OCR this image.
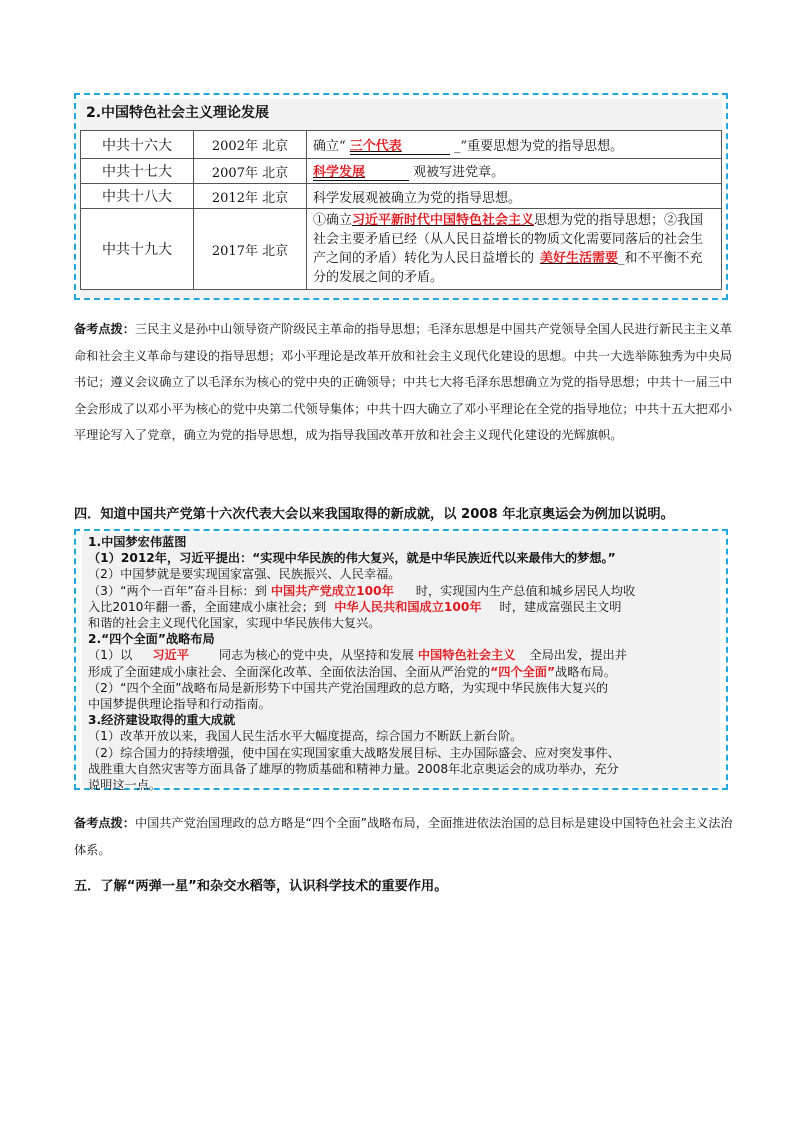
2.中国特色社会主义理论发展
中共十六大	2002年 北京	确立“ 三个代表 _”重要思想为党的指导思想。
中共十七大	2007年 北京	科学发展 观被写进党章。
中共十八大	2012年 北京	科学发展观被确立为党的指导思想。
中共十九大	2017年 北京	①确立习近平新时代中国特色社会主义思想为党的指导思想；②我国社会主要矛盾已经（从人民日益增长的物质文化需要同落后的社会生产之间的矛盾）转化为人民日益增长的 美好生活需要_和不平衡不充分的发展之间的矛盾。
备考点拨：三民主义是孙中山领导资产阶级民主革命的指导思想；毛泽东思想是中国共产党领导全国人民进行新民主主义革命和社会主义革命与建设的指导思想；邓小平理论是改革开放和社会主义现代化建设的思想。中共一大选举陈独秀为中央局书记；遵义会议确立了以毛泽东为核心的党中央的正确领导；中共七大将毛泽东思想确立为党的指导思想；中共十一届三中全会形成了以邓小平为核心的党中央第二代领导集体；中共十四大确立了邓小平理论在全党的指导地位；中共十五大把邓小平理论写入了党章，确立为党的指导思想，成为指导我国改革开放和社会主义现代化建设的光辉旗帜。
四．知道中国共产党第十六次代表大会以来我国取得的新成就，以 2008 年北京奥运会为例加以说明。
1.中国梦宏伟蓝图
（1）2012年，习近平提出：“实现中华民族的伟大复兴，就是中华民族近代以来最伟大的梦想。”
（2）中国梦就是要实现国家富强、民族振兴、人民幸福。
（3）“两个一百年”奋斗目标：到 中国共产党成立100年 时，实现国内生产总值和城乡居民人均收
入比2010年翻一番，全面建成小康社会；到 中华人民共和国成立100年 时，建成富强民主文明
和谐的社会主义现代化国家，实现中华民族伟大复兴。
2.“四个全面”战略布局
（1）以 习近平 同志为核心的党中央，从坚持和发展 中国特色社会主义 全局出发，提出并
形成了全面建成小康社会、全面深化改革、全面依法治国、全面从严治党的“四个全面”战略布局。
（2）“四个全面”战略布局是新形势下中国共产党治国理政的总方略，为实现中华民族伟大复兴的
中国梦提供理论指导和行动指南。
3.经济建设取得的重大成就
（1）改革开放以来，我国人民生活水平大幅度提高，综合国力不断跃上新台阶。
（2）综合国力的持续增强，使中国在实现国家重大战略发展目标、主办国际盛会、应对突发事件、
战胜重大自然灾害等方面具备了雄厚的物质基础和精神力量。2008年北京奥运会的成功举办，充分
说明这一点。
备考点拨：中国共产党治国理政的总方略是“四个全面”战略布局，全面推进依法治国的总目标是建设中国特色社会主义法治体系。
五．了解“两弹一星”和杂交水稻等，认识科学技术的重要作用。
